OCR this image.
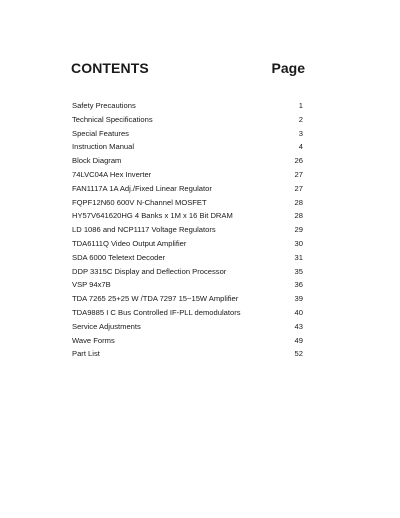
CONTENTS	Page
Safety Precautions	1
Technical Specifications	2
Special Features	3
Instruction Manual	4
Block Diagram	26
74LVC04A Hex Inverter	27
FAN1117A 1A Adj./Fixed Linear Regulator	27
FQPF12N60 600V N-Channel MOSFET	28
HY57V641620HG 4 Banks x 1M x 16 Bit DRAM	28
LD 1086 and NCP1117 Voltage Regulators	29
TDA6111Q Video Output Amplifier	30
SDA 6000 Teletext Decoder	31
DDP 3315C Display and Deflection Processor	35
VSP 94x7B	36
TDA 7265 25+25 W /TDA 7297 15~15W Amplifier	39
TDA9885 I C Bus Controlled IF-PLL demodulators	40
Service Adjustments	43
Wave Forms	49
Part List	52
